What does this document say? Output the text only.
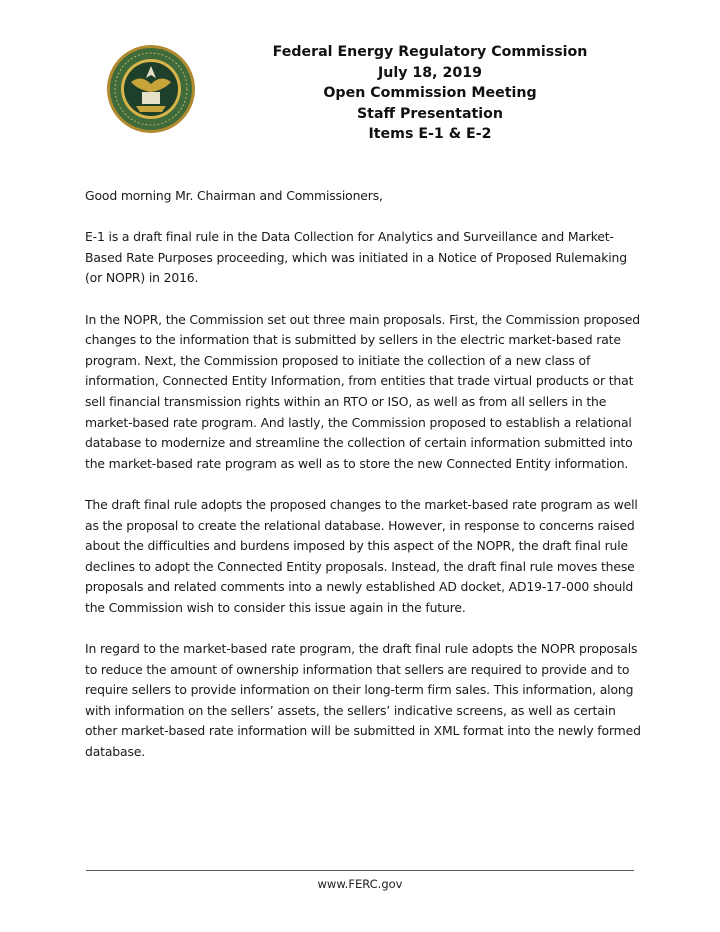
Federal Energy Regulatory Commission
July 18, 2019
Open Commission Meeting
Staff Presentation
Items E-1 & E-2

Good morning Mr. Chairman and Commissioners,

E-1 is a draft final rule in the Data Collection for Analytics and Surveillance and Market-Based Rate Purposes proceeding, which was initiated in a Notice of Proposed Rulemaking (or NOPR) in 2016.

In the NOPR, the Commission set out three main proposals. First, the Commission proposed changes to the information that is submitted by sellers in the electric market-based rate program. Next, the Commission proposed to initiate the collection of a new class of information, Connected Entity Information, from entities that trade virtual products or that sell financial transmission rights within an RTO or ISO, as well as from all sellers in the market-based rate program. And lastly, the Commission proposed to establish a relational database to modernize and streamline the collection of certain information submitted into the market-based rate program as well as to store the new Connected Entity information.

The draft final rule adopts the proposed changes to the market-based rate program as well as the proposal to create the relational database. However, in response to concerns raised about the difficulties and burdens imposed by this aspect of the NOPR, the draft final rule declines to adopt the Connected Entity proposals. Instead, the draft final rule moves these proposals and related comments into a newly established AD docket, AD19-17-000 should the Commission wish to consider this issue again in the future.

In regard to the market-based rate program, the draft final rule adopts the NOPR proposals to reduce the amount of ownership information that sellers are required to provide and to require sellers to provide information on their long-term firm sales. This information, along with information on the sellers’ assets, the sellers’ indicative screens, as well as certain other market-based rate information will be submitted in XML format into the newly formed database.

www.FERC.gov
